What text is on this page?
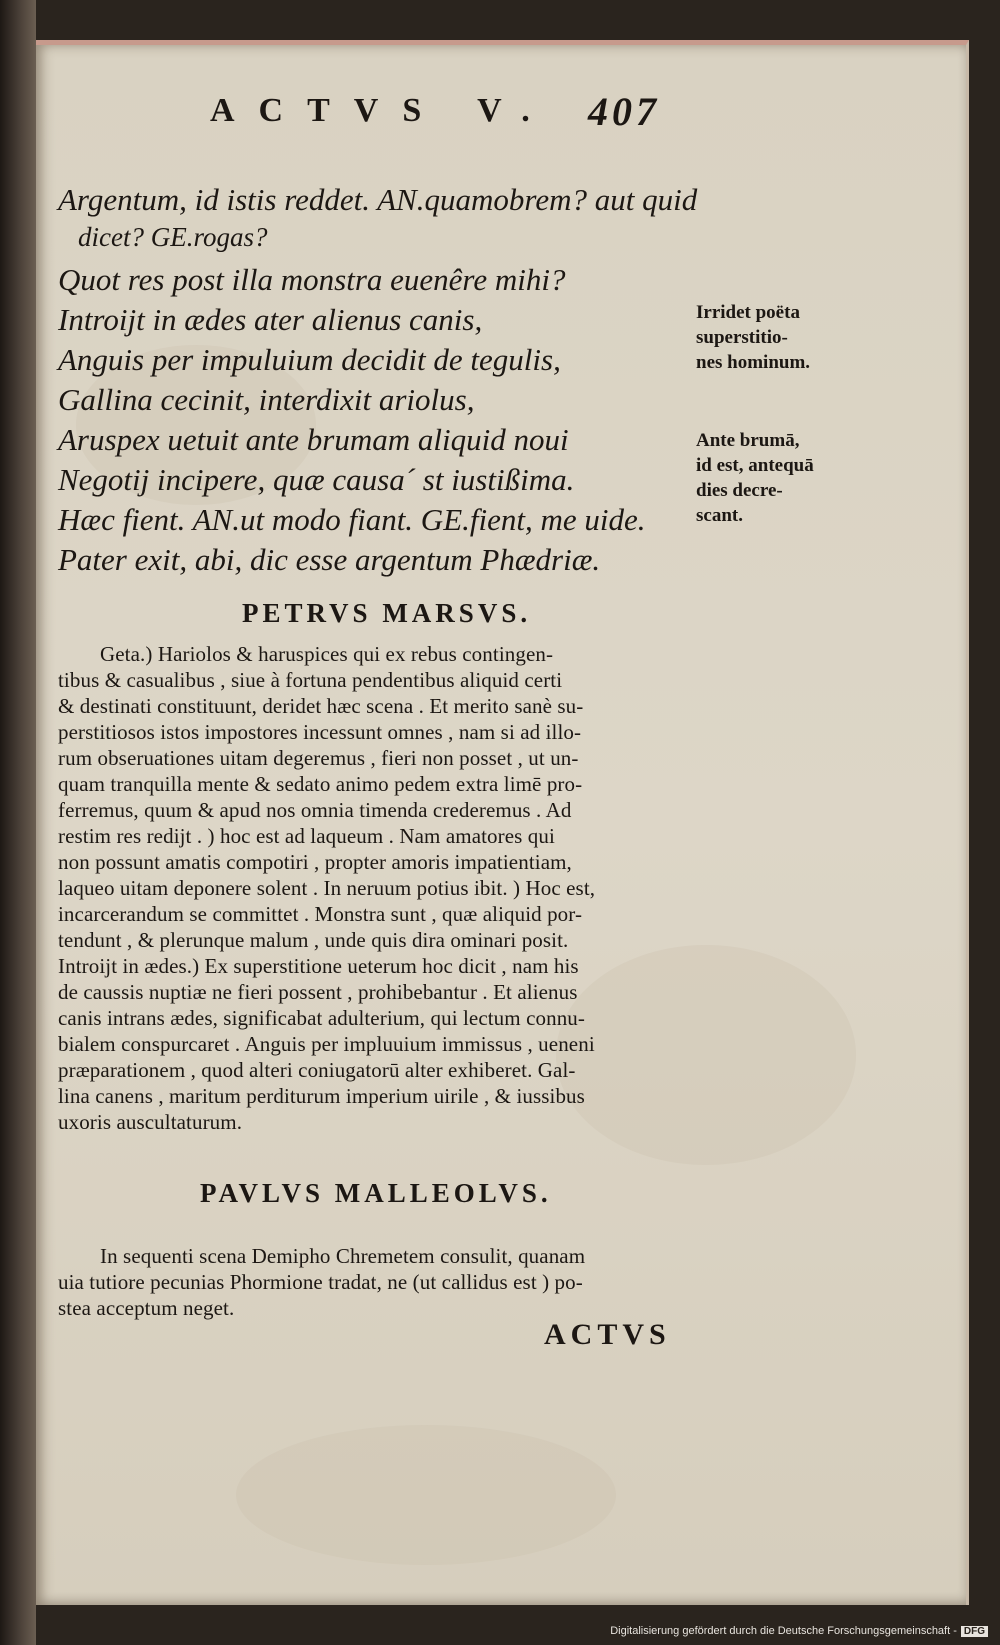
ACTVS V. 407
Argentum, id istis reddet. AN.quamobrem? aut quid
dicet? GE.rogas?
Quot res post illa monstra euenêre mihi?
Introijt in ædes ater alienus canis,
Anguis per impuluium decidit de tegulis,
Gallina cecinit, interdixit ariolus,
Aruspex uetuit ante brumam aliquid noui
Negotij incipere, quæ causa´ st iustißima.
Hæc fient. AN.ut modo fiant. GE.fient, me uide.
Pater exit, abi, dic esse argentum Phædriæ.
Irridet poëta
superstitio-
nes hominum.
Ante brumā,
id est, antequā
dies decre-
scant.
PETRVS MARSVS.
Geta.) Hariolos & haruspices qui ex rebus contingen-
tibus & casualibus , siue à fortuna pendentibus aliquid certi
& destinati constituunt, deridet hæc scena . Et merito sanè su-
perstitiosos istos impostores incessunt omnes , nam si ad illo-
rum obseruationes uitam degeremus , fieri non posset , ut un-
quam tranquilla mente & sedato animo pedem extra limē pro-
ferremus, quum & apud nos omnia timenda crederemus . Ad
restim res redijt . ) hoc est ad laqueum . Nam amatores qui
non possunt amatis compotiri , propter amoris impatientiam,
laqueo uitam deponere solent . In neruum potius ibit. ) Hoc est,
incarcerandum se committet . Monstra sunt , quæ aliquid por-
tendunt , & plerunque malum , unde quis dira ominari posit.
Introijt in ædes.) Ex superstitione ueterum hoc dicit , nam his
de caussis nuptiæ ne fieri possent , prohibebantur . Et alienus
canis intrans ædes, significabat adulterium, qui lectum connu-
bialem conspurcaret . Anguis per impluuium immissus , ueneni
præparationem , quod alteri coniugatorū alter exhiberet. Gal-
lina canens , maritum perditurum imperium uirile , & iussibus
uxoris auscultaturum.
PAVLVS MALLEOLVS.
In sequenti scena Demipho Chremetem consulit, quanam
uia tutiore pecunias Phormione tradat, ne (ut callidus est ) po-
stea acceptum neget.
ACTVS
Digitalisierung gefördert durch die Deutsche Forschungsgemeinschaft - DFG
